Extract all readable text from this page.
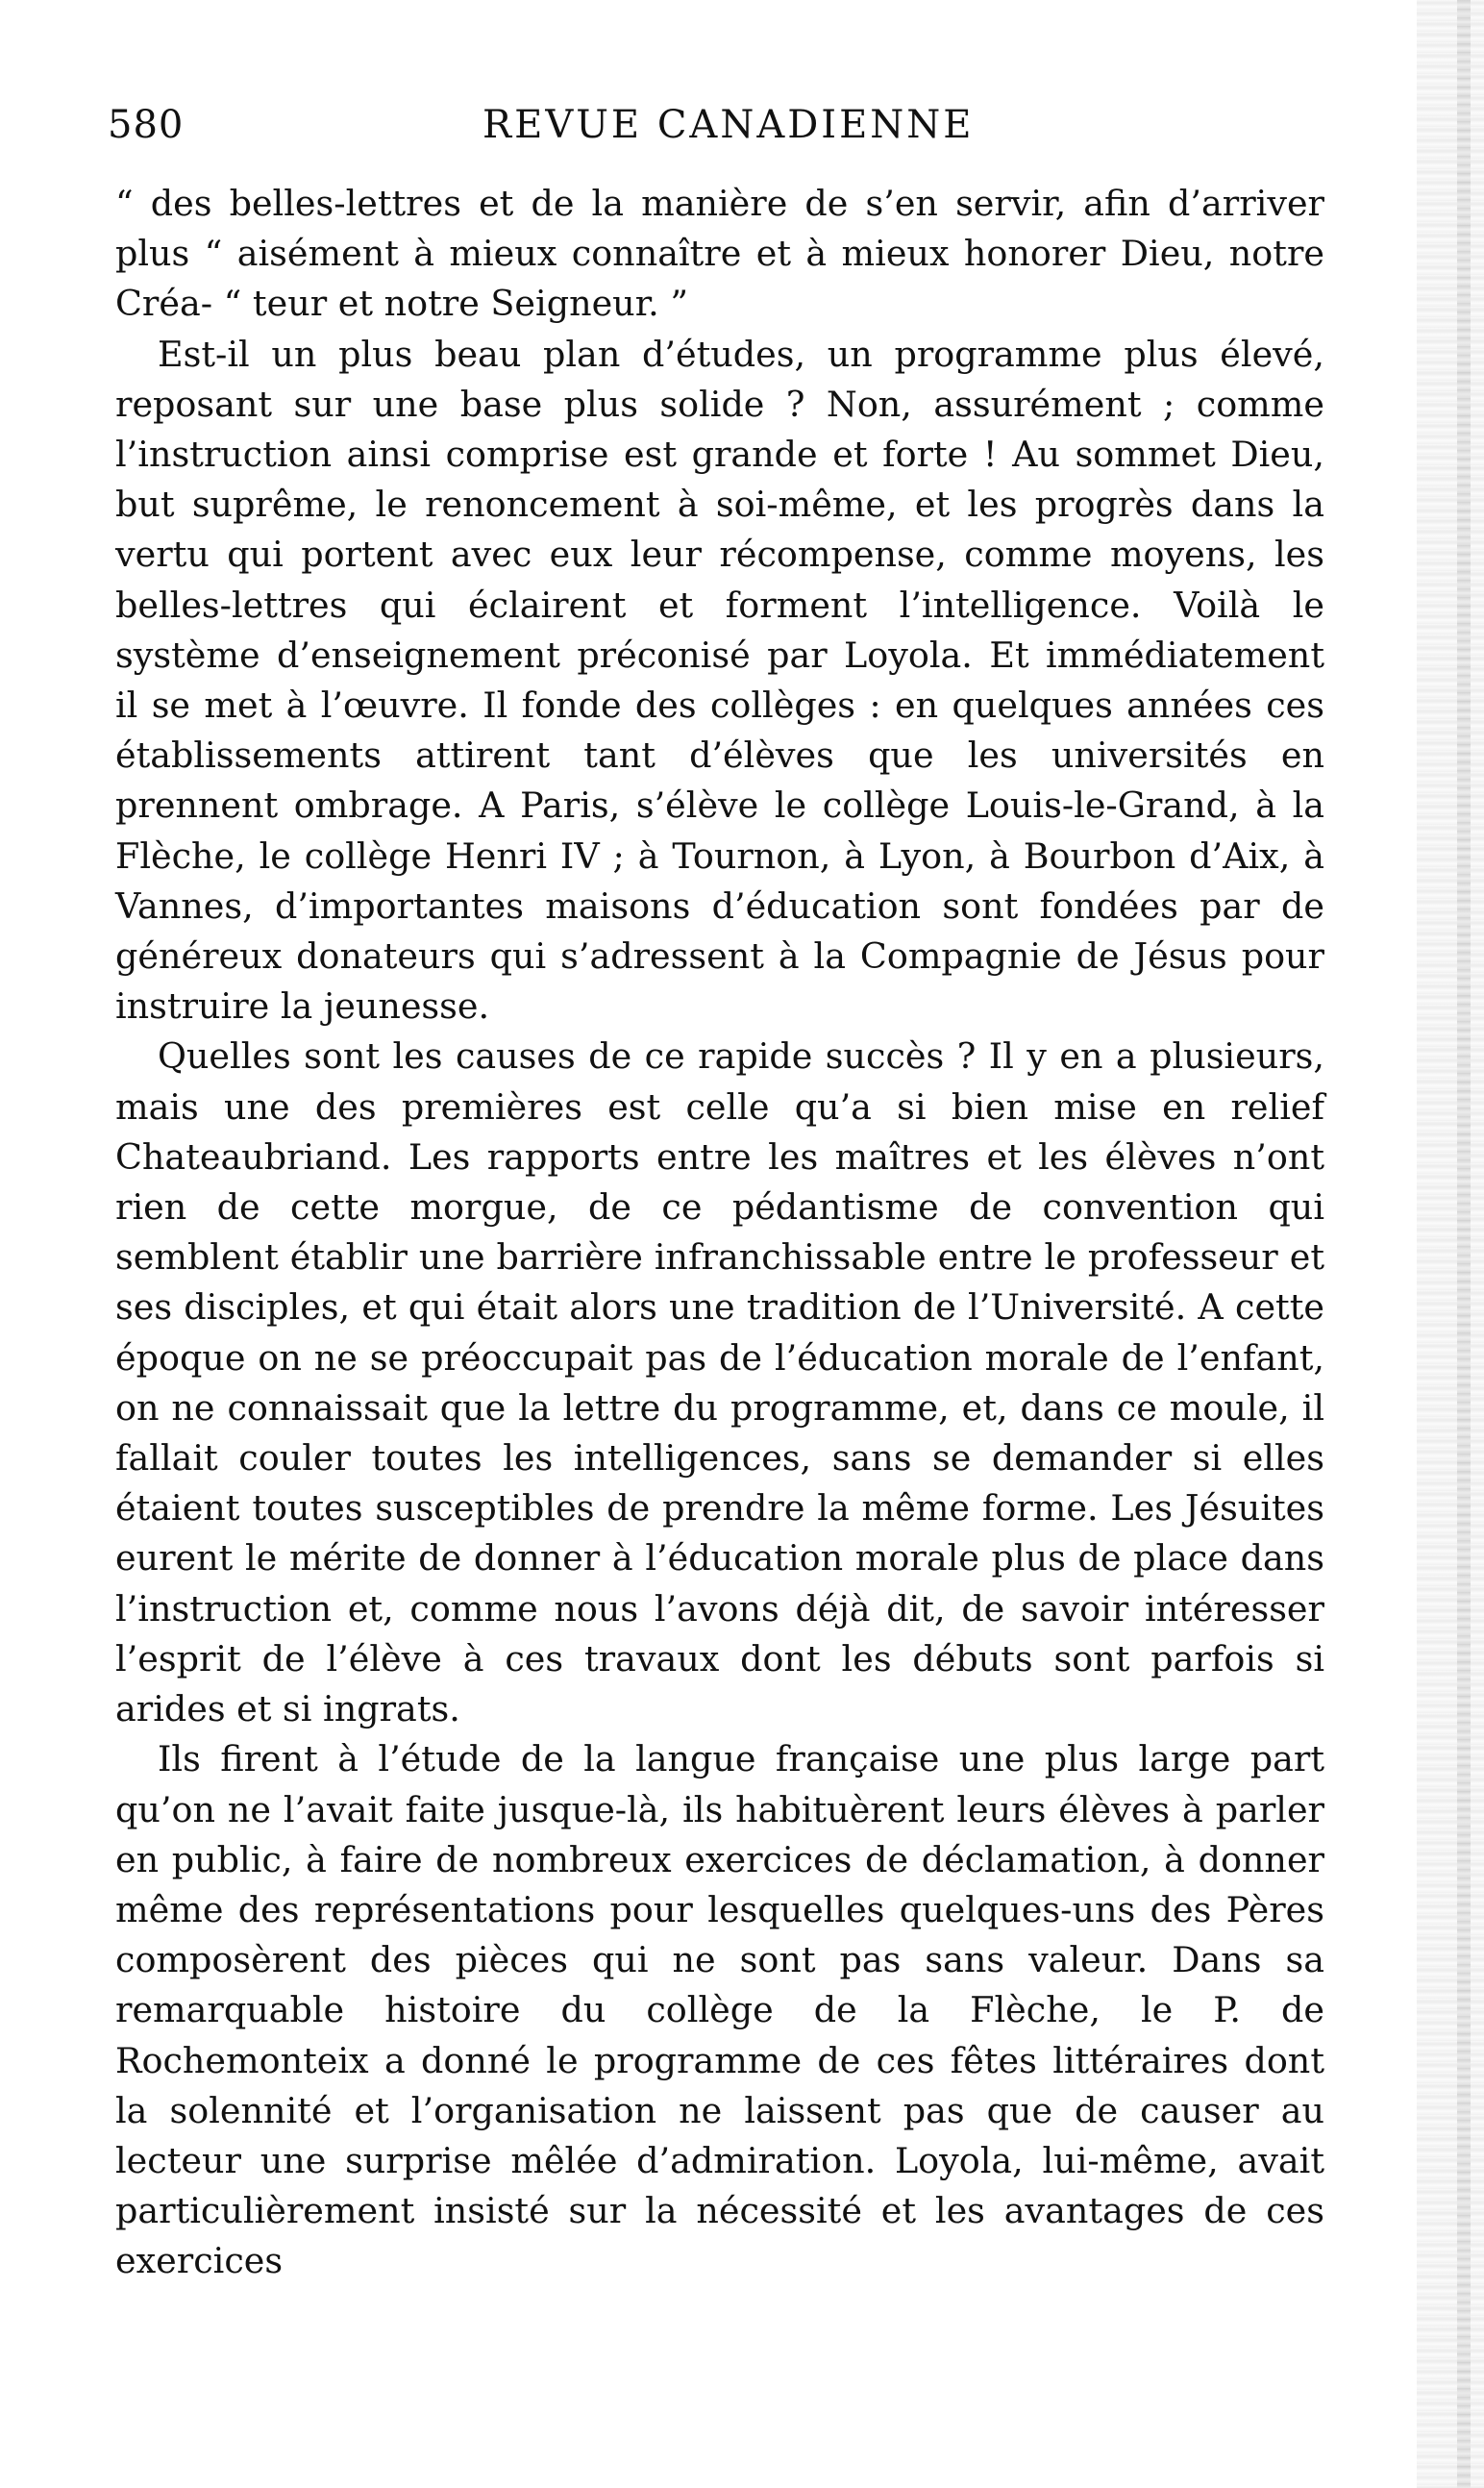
580	REVUE CANADIENNE

“ des belles-lettres et de la manière de s’en servir, afin d’arriver plus “ aisément à mieux connaître et à mieux honorer Dieu, notre Créa- “ teur et notre Seigneur. ”

Est-il un plus beau plan d’études, un programme plus élevé, reposant sur une base plus solide ? Non, assurément ; comme l’instruction ainsi comprise est grande et forte ! Au sommet Dieu, but suprême, le renoncement à soi-même, et les progrès dans la vertu qui portent avec eux leur récompense, comme moyens, les belles-lettres qui éclairent et forment l’intelligence. Voilà le système d’enseignement préconisé par Loyola. Et immédiatement il se met à l’œuvre. Il fonde des collèges : en quelques années ces établissements attirent tant d’élèves que les universités en prennent ombrage. A Paris, s’élève le collège Louis-le-Grand, à la Flèche, le collège Henri IV ; à Tournon, à Lyon, à Bourbon d’Aix, à Vannes, d’importantes maisons d’éducation sont fondées par de généreux donateurs qui s’adressent à la Compagnie de Jésus pour instruire la jeunesse.

Quelles sont les causes de ce rapide succès ? Il y en a plusieurs, mais une des premières est celle qu’a si bien mise en relief Chateaubriand. Les rapports entre les maîtres et les élèves n’ont rien de cette morgue, de ce pédantisme de convention qui semblent établir une barrière infranchissable entre le professeur et ses disciples, et qui était alors une tradition de l’Université. A cette époque on ne se préoccupait pas de l’éducation morale de l’enfant, on ne connaissait que la lettre du programme, et, dans ce moule, il fallait couler toutes les intelligences, sans se demander si elles étaient toutes susceptibles de prendre la même forme. Les Jésuites eurent le mérite de donner à l’éducation morale plus de place dans l’instruction et, comme nous l’avons déjà dit, de savoir intéresser l’esprit de l’élève à ces travaux dont les débuts sont parfois si arides et si ingrats.

Ils firent à l’étude de la langue française une plus large part qu’on ne l’avait faite jusque-là, ils habituèrent leurs élèves à parler en public, à faire de nombreux exercices de déclamation, à donner même des représentations pour lesquelles quelques-uns des Pères composèrent des pièces qui ne sont pas sans valeur. Dans sa remarquable histoire du collège de la Flèche, le P. de Rochemonteix a donné le programme de ces fêtes littéraires dont la solennité et l’organisation ne laissent pas que de causer au lecteur une surprise mêlée d’admiration. Loyola, lui-même, avait particulièrement insisté sur la nécessité et les avantages de ces exercices
